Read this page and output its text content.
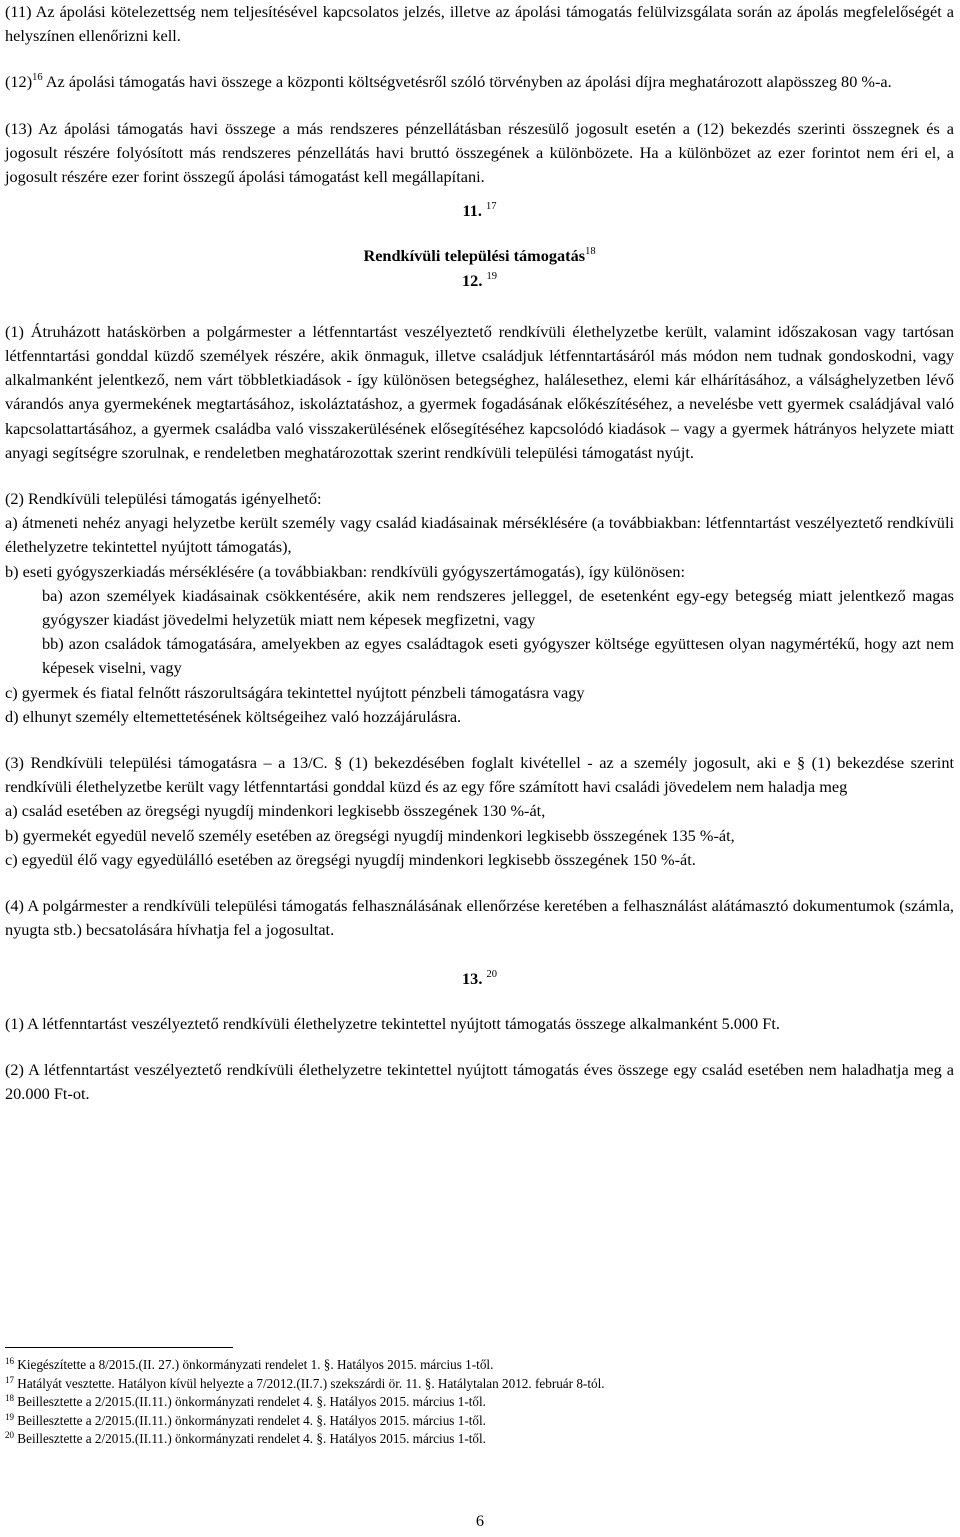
(11) Az ápolási kötelezettség nem teljesítésével kapcsolatos jelzés, illetve az ápolási támogatás felülvizsgálata során az ápolás megfelelőségét a helyszínen ellenőrizni kell.

$(12)^{16}$ Az ápolási támogatás havi összege a központi költségvetésről szóló törvényben az ápolási díjra meghatározott alapösszeg 80 %-a.

(13) Az ápolási támogatás havi összege a más rendszeres pénzellátásban részesülő jogosult esetén a (12) bekezdés szerinti összegnek és a jogosult részére folyósított más rendszeres pénzellátás havi bruttó összegének a különbözete. Ha a különbözet az ezer forintot nem éri el, a jogosult részére ezer forint összegű ápolási támogatást kell megállapítani.

11. $^{17}$

Rendkívüli települési támogatás$^{18}$

12. $^{19}$

(1) Átruházott hatáskörben a polgármester a létfenntartást veszélyeztető rendkívüli élethelyzetbe került, valamint időszakosan vagy tartósan létfenntartási gonddal küzdő személyek részére, akik önmaguk, illetve családjuk létfenntartásáról más módon nem tudnak gondoskodni, vagy alkalmanként jelentkező, nem várt többletkiadások - így különösen betegséghez, halálesethez, elemi kár elhárításához, a válsághelyzetben lévő várandós anya gyermekének megtartásához, iskoláztatáshoz, a gyermek fogadásának előkészítéséhez, a nevelésbe vett gyermek családjával való kapcsolattartásához, a gyermek családba való visszakerülésének elősegítéséhez kapcsolódó kiadások – vagy a gyermek hátrányos helyzete miatt anyagi segítségre szorulnak, e rendeletben meghatározottak szerint rendkívüli települési támogatást nyújt.

(2) Rendkívüli települési támogatás igényelhető:

a) átmeneti nehéz anyagi helyzetbe került személy vagy család kiadásainak mérséklésére (a továbbiakban: létfenntartást veszélyeztető rendkívüli élethelyzetre tekintettel nyújtott támogatás),

b) eseti gyógyszerkiadás mérséklésére (a továbbiakban: rendkívüli gyógyszertámogatás), így különösen:

ba) azon személyek kiadásainak csökkentésére, akik nem rendszeres jelleggel, de esetenként egy-egy betegség miatt jelentkező magas gyógyszer kiadást jövedelmi helyzetük miatt nem képesek megfizetni, vagy

bb) azon családok támogatására, amelyekben az egyes családtagok eseti gyógyszer költsége együttesen olyan nagymértékű, hogy azt nem képesek viselni, vagy

c) gyermek és fiatal felnőtt rászorultságára tekintettel nyújtott pénzbeli támogatásra vagy

d) elhunyt személy eltemettetésének költségeihez való hozzájárulásra.

(3) Rendkívüli települési támogatásra – a 13/C. § (1) bekezdésében foglalt kivétellel - az a személy jogosult, aki e § (1) bekezdése szerint rendkívüli élethelyzetbe került vagy létfenntartási gonddal küzd és az egy főre számított havi családi jövedelem nem haladja meg

a) család esetében az öregségi nyugdíj mindenkori legkisebb összegének 130 %-át,

b) gyermekét egyedül nevelő személy esetében az öregségi nyugdíj mindenkori legkisebb összegének 135 %-át,

c) egyedül élő vagy egyedülálló esetében az öregségi nyugdíj mindenkori legkisebb összegének 150 %-át.

(4) A polgármester a rendkívüli települési támogatás felhasználásának ellenőrzése keretében a felhasználást alátámasztó dokumentumok (számla, nyugta stb.) becsatolására hívhatja fel a jogosultat.

13. $^{20}$

(1) A létfenntartást veszélyeztető rendkívüli élethelyzetre tekintettel nyújtott támogatás összege alkalmanként 5.000 Ft.

(2) A létfenntartást veszélyeztető rendkívüli élethelyzetre tekintettel nyújtott támogatás éves összege egy család esetében nem haladhatja meg a 20.000 Ft-ot.

$^{16}$ Kiegészítette a 8/2015.(II. 27.) önkormányzati rendelet 1. §. Hatályos 2015. március 1-től.

$^{17}$ Hatályát vesztette. Hatályon kívül helyezte a 7/2012.(II.7.) szekszárdi ör. 11. §. Hatálytalan 2012. február 8-tól.

$^{18}$ Beillesztette a 2/2015.(II.11.) önkormányzati rendelet 4. §. Hatályos 2015. március 1-től.

$^{19}$ Beillesztette a 2/2015.(II.11.) önkormányzati rendelet 4. §. Hatályos 2015. március 1-től.

$^{20}$ Beillesztette a 2/2015.(II.11.) önkormányzati rendelet 4. §. Hatályos 2015. március 1-től.

6
